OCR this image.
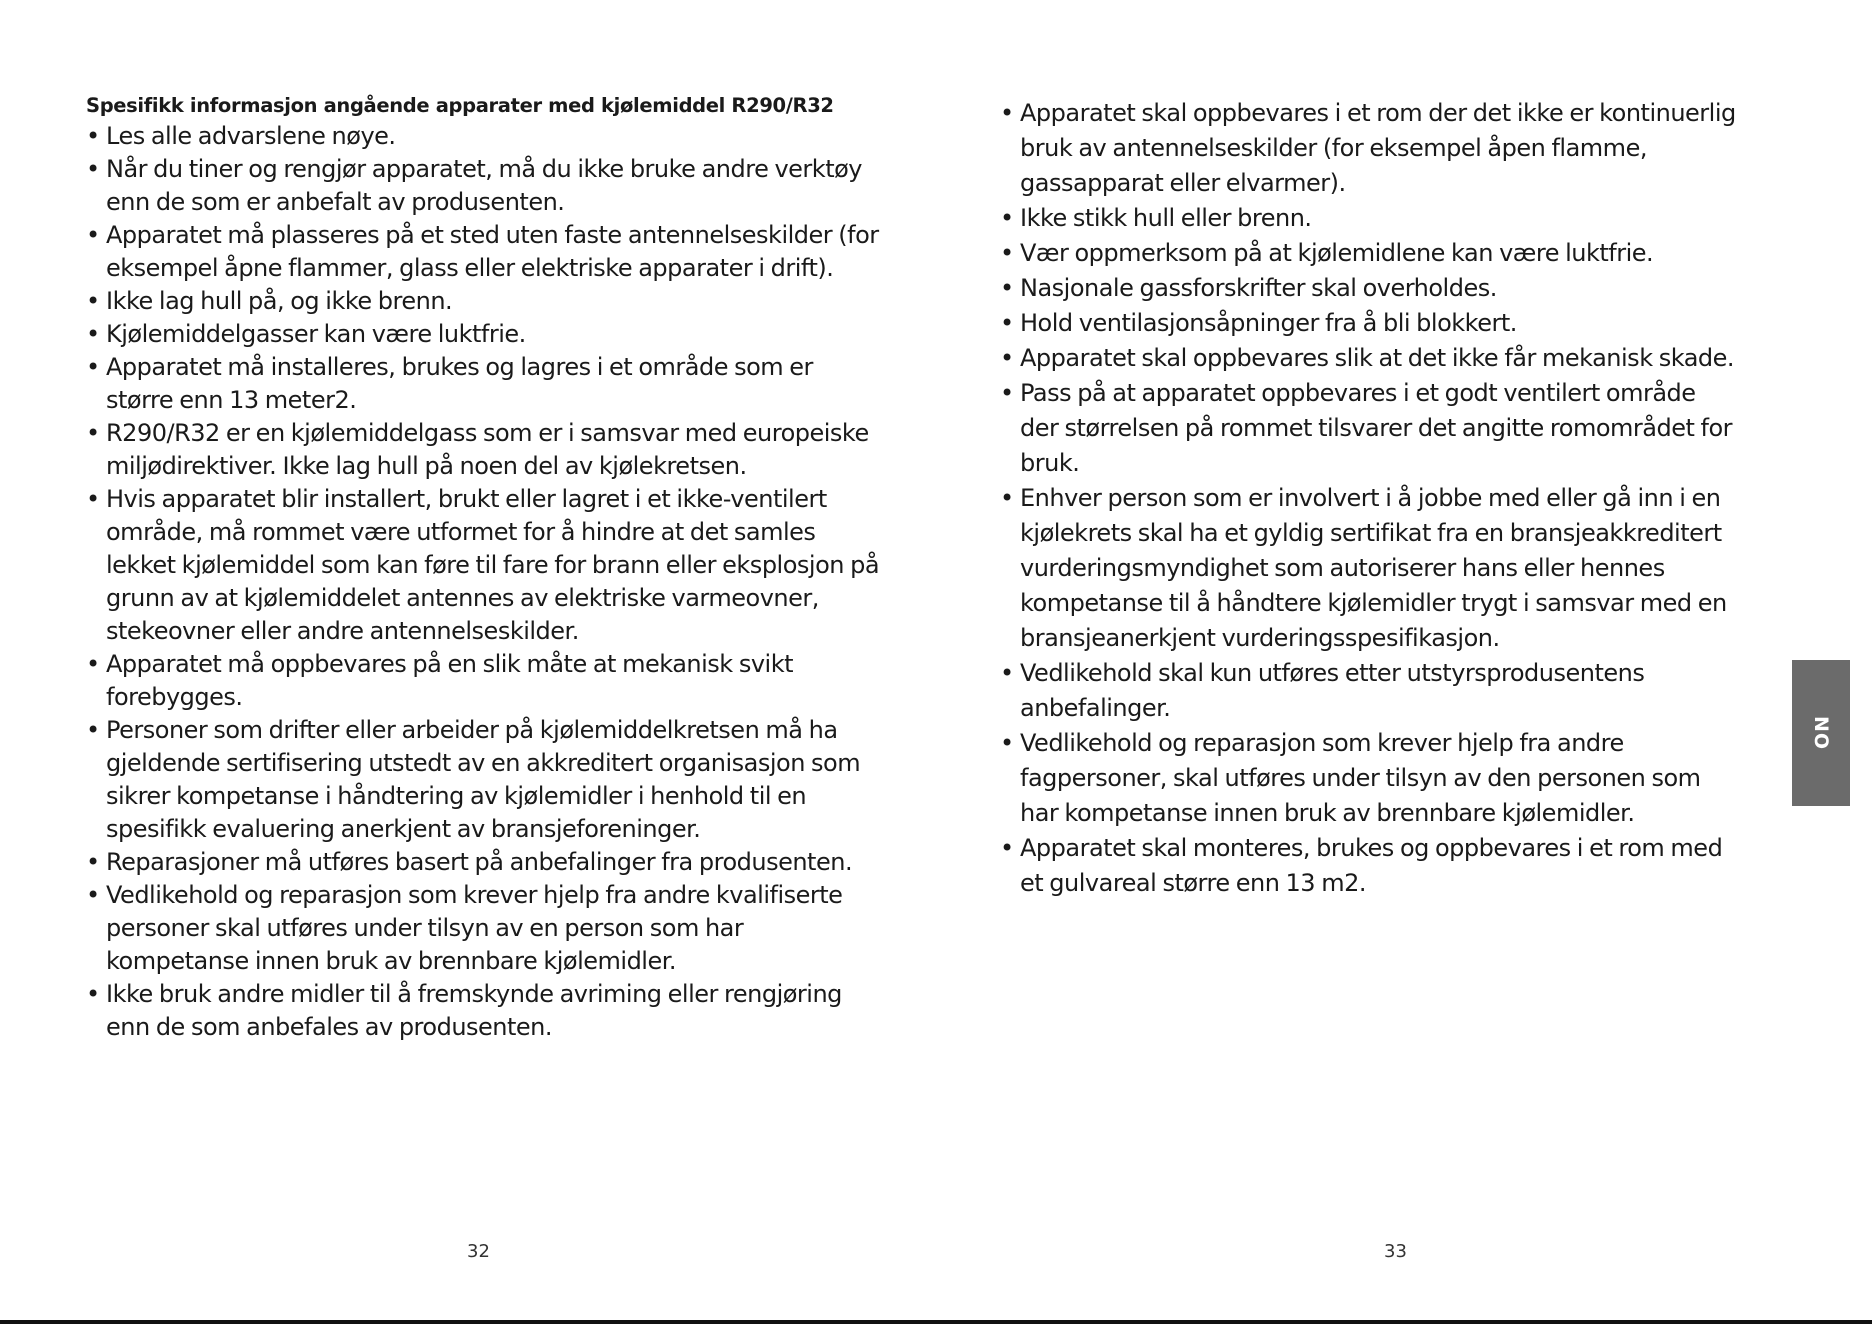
Spesifikk informasjon angående apparater med kjølemiddel R290/R32
• Les alle advarslene nøye.
• Når du tiner og rengjør apparatet, må du ikke bruke andre verktøy enn de som er anbefalt av produsenten.
• Apparatet må plasseres på et sted uten faste antennelseskilder (for eksempel åpne flammer, glass eller elektriske apparater i drift).
• Ikke lag hull på, og ikke brenn.
• Kjølemiddelgasser kan være luktfrie.
• Apparatet må installeres, brukes og lagres i et område som er større enn 13 meter2.
• R290/R32 er en kjølemiddelgass som er i samsvar med europeiske miljødirektiver. Ikke lag hull på noen del av kjølekretsen.
• Hvis apparatet blir installert, brukt eller lagret i et ikke-ventilert område, må rommet være utformet for å hindre at det samles lekket kjølemiddel som kan føre til fare for brann eller eksplosjon på grunn av at kjølemiddelet antennes av elektriske varmeovner, stekeovner eller andre antennelseskilder.
• Apparatet må oppbevares på en slik måte at mekanisk svikt forebygges.
• Personer som drifter eller arbeider på kjølemiddelkretsen må ha gjeldende sertifisering utstedt av en akkreditert organisasjon som sikrer kompetanse i håndtering av kjølemidler i henhold til en spesifikk evaluering anerkjent av bransjeforeninger.
• Reparasjoner må utføres basert på anbefalinger fra produsenten.
• Vedlikehold og reparasjon som krever hjelp fra andre kvalifiserte personer skal utføres under tilsyn av en person som har kompetanse innen bruk av brennbare kjølemidler.
• Ikke bruk andre midler til å fremskynde avriming eller rengjøring enn de som anbefales av produsenten.
32
• Apparatet skal oppbevares i et rom der det ikke er kontinuerlig bruk av antennelseskilder (for eksempel åpen flamme, gassapparat eller elvarmer).
• Ikke stikk hull eller brenn.
• Vær oppmerksom på at kjølemidlene kan være luktfrie.
• Nasjonale gassforskrifter skal overholdes.
• Hold ventilasjonsåpninger fra å bli blokkert.
• Apparatet skal oppbevares slik at det ikke får mekanisk skade.
• Pass på at apparatet oppbevares i et godt ventilert område der størrelsen på rommet tilsvarer det angitte romområdet for bruk.
• Enhver person som er involvert i å jobbe med eller gå inn i en kjølekrets skal ha et gyldig sertifikat fra en bransjeakkreditert vurderingsmyndighet som autoriserer hans eller hennes kompetanse til å håndtere kjølemidler trygt i samsvar med en bransjeanerkjent vurderingsspesifikasjon.
• Vedlikehold skal kun utføres etter utstyrsprodusentens anbefalinger.
• Vedlikehold og reparasjon som krever hjelp fra andre fagpersoner, skal utføres under tilsyn av den personen som har kompetanse innen bruk av brennbare kjølemidler.
• Apparatet skal monteres, brukes og oppbevares i et rom med et gulvareal større enn 13 m2.
33
NO
